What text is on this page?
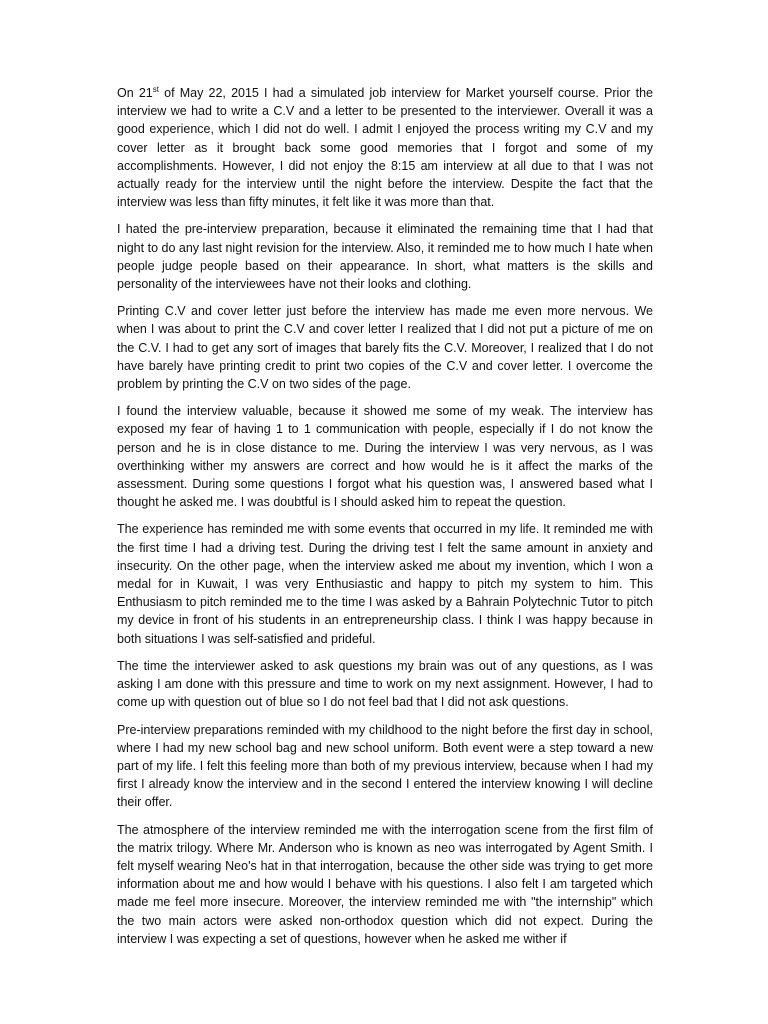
On 21st of May 22, 2015 I had a simulated job interview for Market yourself course. Prior the interview we had to write a C.V and a letter to be presented to the interviewer. Overall it was a good experience, which I did not do well. I admit I enjoyed the process writing my C.V and my cover letter as it brought back some good memories that I forgot and some of my accomplishments. However, I did not enjoy the 8:15 am interview at all due to that I was not actually ready for the interview until the night before the interview. Despite the fact that the interview was less than fifty minutes, it felt like it was more than that.

I hated the pre-interview preparation, because it eliminated the remaining time that I had that night to do any last night revision for the interview. Also, it reminded me to how much I hate when people judge people based on their appearance. In short, what matters is the skills and personality of the interviewees have not their looks and clothing.

Printing C.V and cover letter just before the interview has made me even more nervous. We when I was about to print the C.V and cover letter I realized that I did not put a picture of me on the C.V. I had to get any sort of images that barely fits the C.V. Moreover, I realized that I do not have barely have printing credit to print two copies of the C.V and cover letter. I overcome the problem by printing the C.V on two sides of the page.

I found the interview valuable, because it showed me some of my weak. The interview has exposed my fear of having 1 to 1 communication with people, especially if I do not know the person and he is in close distance to me. During the interview I was very nervous, as I was overthinking wither my answers are correct and how would he is it affect the marks of the assessment. During some questions I forgot what his question was, I answered based what I thought he asked me. I was doubtful is I should asked him to repeat the question.

The experience has reminded me with some events that occurred in my life. It reminded me with the first time I had a driving test. During the driving test I felt the same amount in anxiety and insecurity. On the other page, when the interview asked me about my invention, which I won a medal for in Kuwait, I was very Enthusiastic and happy to pitch my system to him. This Enthusiasm to pitch reminded me to the time I was asked by a Bahrain Polytechnic Tutor to pitch my device in front of his students in an entrepreneurship class. I think I was happy because in both situations I was self-satisfied and prideful.

The time the interviewer asked to ask questions my brain was out of any questions, as I was asking I am done with this pressure and time to work on my next assignment. However, I had to come up with question out of blue so I do not feel bad that I did not ask questions.

Pre-interview preparations reminded with my childhood to the night before the first day in school, where I had my new school bag and new school uniform. Both event were a step toward a new part of my life. I felt this feeling more than both of my previous interview, because when I had my first I already know the interview and in the second I entered the interview knowing I will decline their offer.

The atmosphere of the interview reminded me with the interrogation scene from the first film of the matrix trilogy. Where Mr. Anderson who is known as neo was interrogated by Agent Smith. I felt myself wearing Neo's hat in that interrogation, because the other side was trying to get more information about me and how would I behave with his questions. I also felt I am targeted which made me feel more insecure. Moreover, the interview reminded me with "the internship" which the two main actors were asked non-orthodox question which did not expect. During the interview I was expecting a set of questions, however when he asked me wither if
